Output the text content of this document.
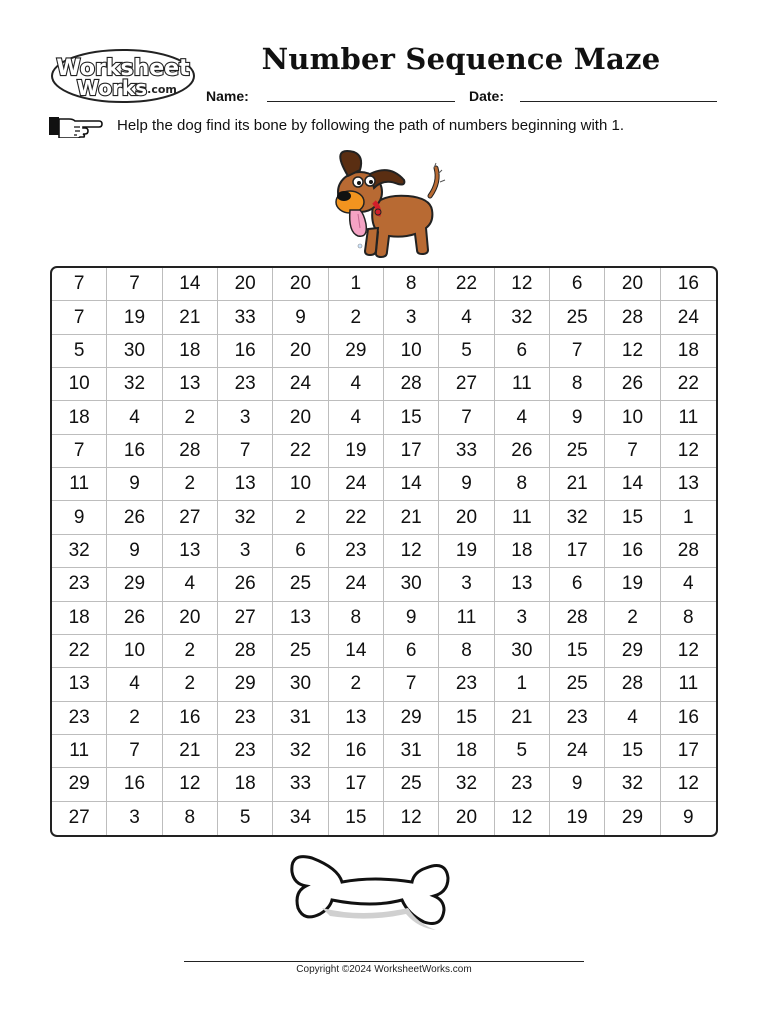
Worksheet
Works .com
Number Sequence Maze
Name:	Date:
Help the dog find its bone by following the path of numbers beginning with 1.
7	7	14	20	20	1	8	22	12	6	20	16
7	19	21	33	9	2	3	4	32	25	28	24
5	30	18	16	20	29	10	5	6	7	12	18
10	32	13	23	24	4	28	27	11	8	26	22
18	4	2	3	20	4	15	7	4	9	10	11
7	16	28	7	22	19	17	33	26	25	7	12
11	9	2	13	10	24	14	9	8	21	14	13
9	26	27	32	2	22	21	20	11	32	15	1
32	9	13	3	6	23	12	19	18	17	16	28
23	29	4	26	25	24	30	3	13	6	19	4
18	26	20	27	13	8	9	11	3	28	2	8
22	10	2	28	25	14	6	8	30	15	29	12
13	4	2	29	30	2	7	23	1	25	28	11
23	2	16	23	31	13	29	15	21	23	4	16
11	7	21	23	32	16	31	18	5	24	15	17
29	16	12	18	33	17	25	32	23	9	32	12
27	3	8	5	34	15	12	20	12	19	29	9
Copyright ©2024 WorksheetWorks.com
